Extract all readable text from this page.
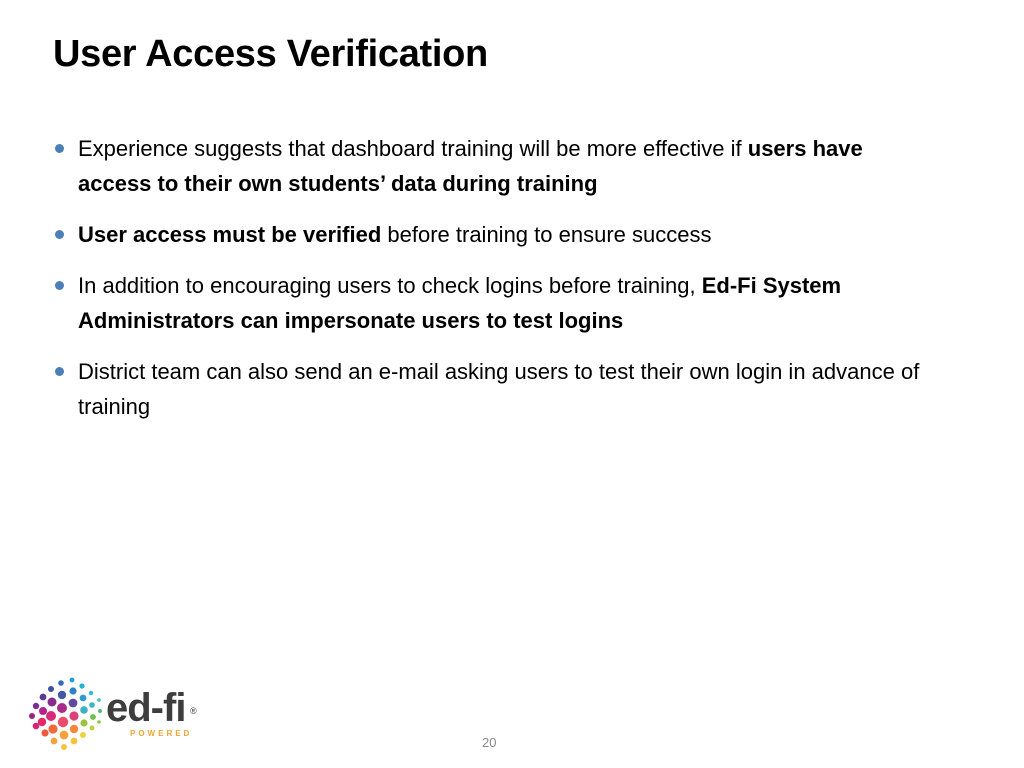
User Access Verification
Experience suggests that dashboard training will be more effective if users have access to their own students’ data during training
User access must be verified before training to ensure success
In addition to encouraging users to check logins before training, Ed-Fi System Administrators can impersonate users to test logins
District team can also send an e-mail asking users to test their own login in advance of training
ed-fi ®
POWERED
20
